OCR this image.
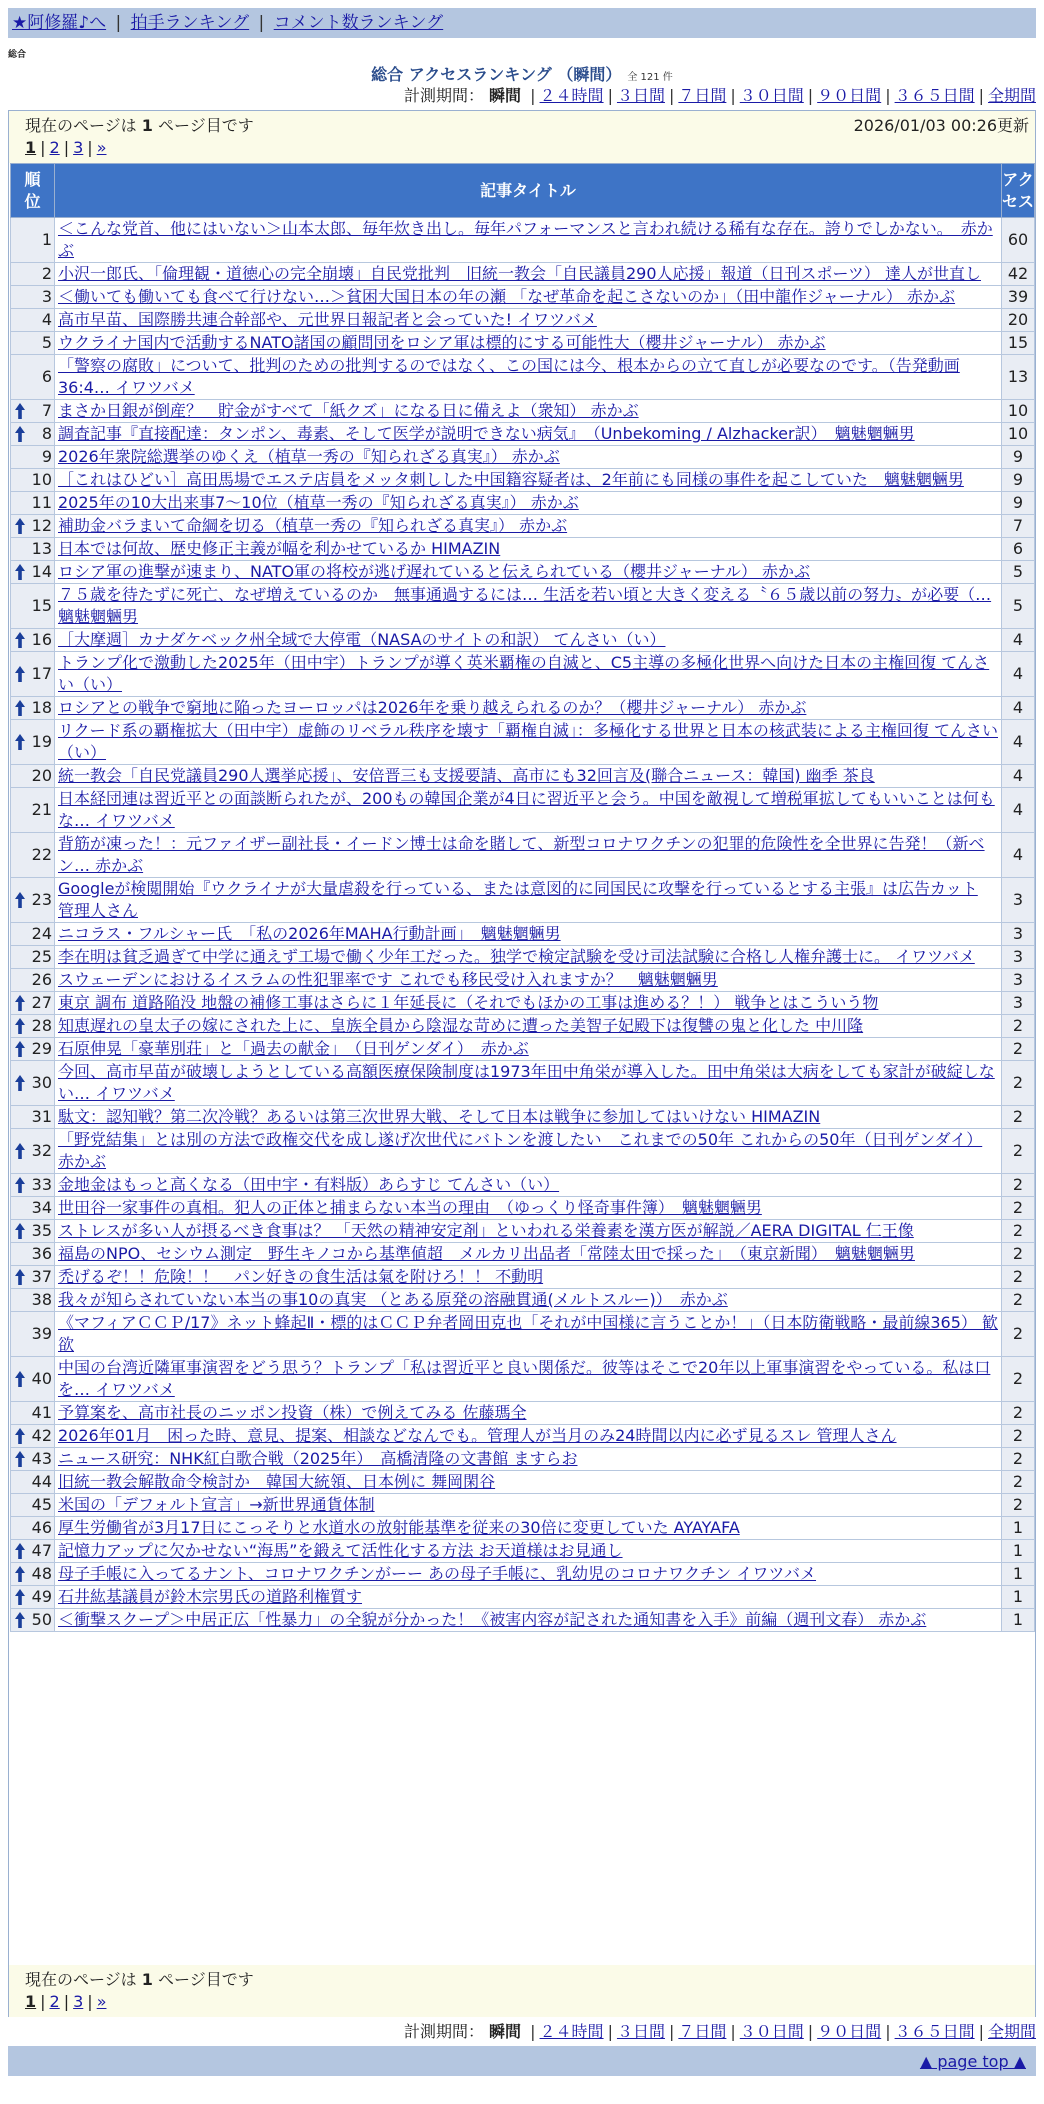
★阿修羅♪へ | 拍手ランキング | コメント数ランキング
総合
総合 アクセスランキング （瞬間） 全 121 件
計測期間： 瞬間 | ２４時間 | ３日間 | ７日間 | ３０日間 | ９０日間 | ３６５日間 | 全期間
現在のページは 1 ページ目です	2026/01/03 00:26更新
1 | 2 | 3 | »
順位	記事タイトル	アクセス
1	＜こんな党首、他にはいない＞山本太郎、毎年炊き出し。毎年パフォーマンスと言われ続ける稀有な存在。誇りでしかない。　赤かぶ	60
2	小沢一郎氏、「倫理観・道徳心の完全崩壊」自民党批判　旧統一教会「自民議員290人応援」報道（日刊スポーツ） 達人が世直し	42
3	＜働いても働いても食べて行けない…＞貧困大国日本の年の瀬 「なぜ革命を起こさないのか」（田中龍作ジャーナル） 赤かぶ	39
4	高市早苗、国際勝共連合幹部や、元世界日報記者と会っていた! イワツバメ	20
5	ウクライナ国内で活動するNATO諸国の顧問団をロシア軍は標的にする可能性大（櫻井ジャーナル） 赤かぶ	15
6	「警察の腐敗」について、批判のための批判するのではなく、この国には今、根本からの立て直しが必要なのです。（告発動画36:4… イワツバメ	13

7	まさか日銀が倒産？　貯金がすべて「紙クズ」になる日に備えよ（衆知） 赤かぶ	10

8	調査記事『直接配達：タンポン、毒素、そして医学が説明できない病気』　（Unbekoming / Alzhacker訳）　魑魅魍魎男	10
9	2026年衆院総選挙のゆくえ（植草一秀の『知られざる真実』） 赤かぶ	9
10	［これはひどい］高田馬場でエステ店員をメッタ刺しした中国籍容疑者は、2年前にも同様の事件を起こしていた　魑魅魍魎男	9
11	2025年の10大出来事7～10位（植草一秀の『知られざる真実』） 赤かぶ	9

12	補助金バラまいて命綱を切る（植草一秀の『知られざる真実』） 赤かぶ	7
13	日本では何故、歴史修正主義が幅を利かせているか HIMAZIN	6

14	ロシア軍の進撃が速まり、NATO軍の将校が逃げ遅れていると伝えられている（櫻井ジャーナル） 赤かぶ	5
15	７５歳を待たずに死亡、なぜ増えているのか　無事通過するには… 生活を若い頃と大きく変える〝６５歳以前の努力〟が必要（… 魑魅魍魎男	5

16	［大摩週］カナダケベック州全域で大停電（NASAのサイトの和訳） てんさい（い）	4

17	トランプ化で激動した2025年（田中宇）トランプが導く英米覇権の自滅と、C5主導の多極化世界へ向けた日本の主権回復 てんさい（い）	4

18	ロシアとの戦争で窮地に陥ったヨーロッパは2026年を乗り越えられるのか？（櫻井ジャーナル） 赤かぶ	4

19	リクード系の覇権拡大（田中宇）虚飾のリベラル秩序を壊す「覇権自滅」：多極化する世界と日本の核武装による主権回復 てんさい（い）	4
20	統一教会「自民党議員290人選挙応援」、安倍晋三も支援要請、高市にも32回言及(聯合ニュース：韓国) 幽季 茶良	4
21	日本経団連は習近平との面談断られたが、200もの韓国企業が4日に習近平と会う。中国を敵視して増税軍拡してもいいことは何もな… イワツバメ	4
22	背筋が凍った！：元ファイザー副社長・イードン博士は命を賭して、新型コロナワクチンの犯罪的危険性を全世界に告発！（新ベン… 赤かぶ	4

23	Googleが検閲開始『ウクライナが大量虐殺を行っている、または意図的に同国民に攻撃を行っているとする主張』は広告カット 管理人さん	3
24	ニコラス・フルシャー氏　「私の2026年MAHA行動計画」　魑魅魍魎男	3
25	李在明は貧乏過ぎて中学に通えず工場で働く少年工だった。独学で検定試験を受け司法試験に合格し人権弁護士に。 イワツバメ	3
26	スウェーデンにおけるイスラムの性犯罪率です これでも移民受け入れますか？　魑魅魍魎男	3

27	東京 調布 道路陥没 地盤の補修工事はさらに１年延長に（それでもほかの工事は進める？！） 戦争とはこういう物	3

28	知恵遅れの皇太子の嫁にされた上に、皇族全員から陰湿な苛めに遭った美智子妃殿下は復讐の鬼と化した 中川隆	2

29	石原伸晃「豪華別荘」と「過去の献金」　（日刊ゲンダイ）　赤かぶ	2

30	今回、高市早苗が破壊しようとしている高額医療保険制度は1973年田中角栄が導入した。田中角栄は大病をしても家計が破綻しない… イワツバメ	2
31	駄文：認知戦？第二次冷戦？あるいは第三次世界大戦、そして日本は戦争に参加してはいけない HIMAZIN	2

32	「野党結集」とは別の方法で政権交代を成し遂げ次世代にバトンを渡したい　これまでの50年 これからの50年（日刊ゲンダイ） 赤かぶ	2

33	金地金はもっと高くなる（田中宇・有料版）あらすじ てんさい（い）	2
34	世田谷一家事件の真相。犯人の正体と捕まらない本当の理由　（ゆっくり怪奇事件簿）　魑魅魍魎男	2

35	ストレスが多い人が摂るべき食事は？ 「天然の精神安定剤」といわれる栄養素を漢方医が解説／AERA DIGITAL 仁王像	2
36	福島のNPO、セシウム測定　野生キノコから基準値超　メルカリ出品者「常陸太田で採った」　（東京新聞）　魑魅魍魎男	2

37	禿げるぞ！！危険！！　パン好きの食生活は氣を附けろ！！ 不動明	2
38	我々が知らされていない本当の事10の真実 （とある原発の溶融貫通(メルトスルー)）　赤かぶ	2
39	《マフィアＣＣＰ/17》ネット蜂起Ⅱ・標的はＣＣＰ弁者岡田克也「それが中国様に言うことか！」（日本防衛戦略・最前線365） 歓欲	2

40	中国の台湾近隣軍事演習をどう思う？トランプ「私は習近平と良い関係だ。彼等はそこで20年以上軍事演習をやっている。私は口を… イワツバメ	2
41	予算案を、高市社長のニッポン投資（株）で例えてみる 佐藤瑪全	2

42	2026年01月　困った時、意見、提案、相談などなんでも。管理人が当月のみ24時間以内に必ず見るスレ 管理人さん	2

43	ニュース研究：NHK紅白歌合戦（2025年）　高橋清隆の文書館 ますらお	2
44	旧統一教会解散命令検討か　韓国大統領、日本例に 舞岡閑谷	2
45	米国の「デフォルト宣言」→新世界通貨体制	2
46	厚生労働省が3月17日にこっそりと水道水の放射能基準を従来の30倍に変更していた AYAYAFA	1

47	記憶力アップに欠かせない“海馬”を鍛えて活性化する方法 お天道様はお見通し	1

48	母子手帳に入ってるナント、コロナワクチンがーー あの母子手帳に、乳幼児のコロナワクチン イワツバメ	1

49	石井紘基議員が鈴木宗男氏の道路利権質す	1

50	＜衝撃スクープ＞中居正広「性暴力」の全貌が分かった！《被害内容が記された通知書を入手》前編（週刊文春） 赤かぶ	1
現在のページは 1 ページ目です
1 | 2 | 3 | »
計測期間： 瞬間 | ２４時間 | ３日間 | ７日間 | ３０日間 | ９０日間 | ３６５日間 | 全期間
▲ page top ▲
